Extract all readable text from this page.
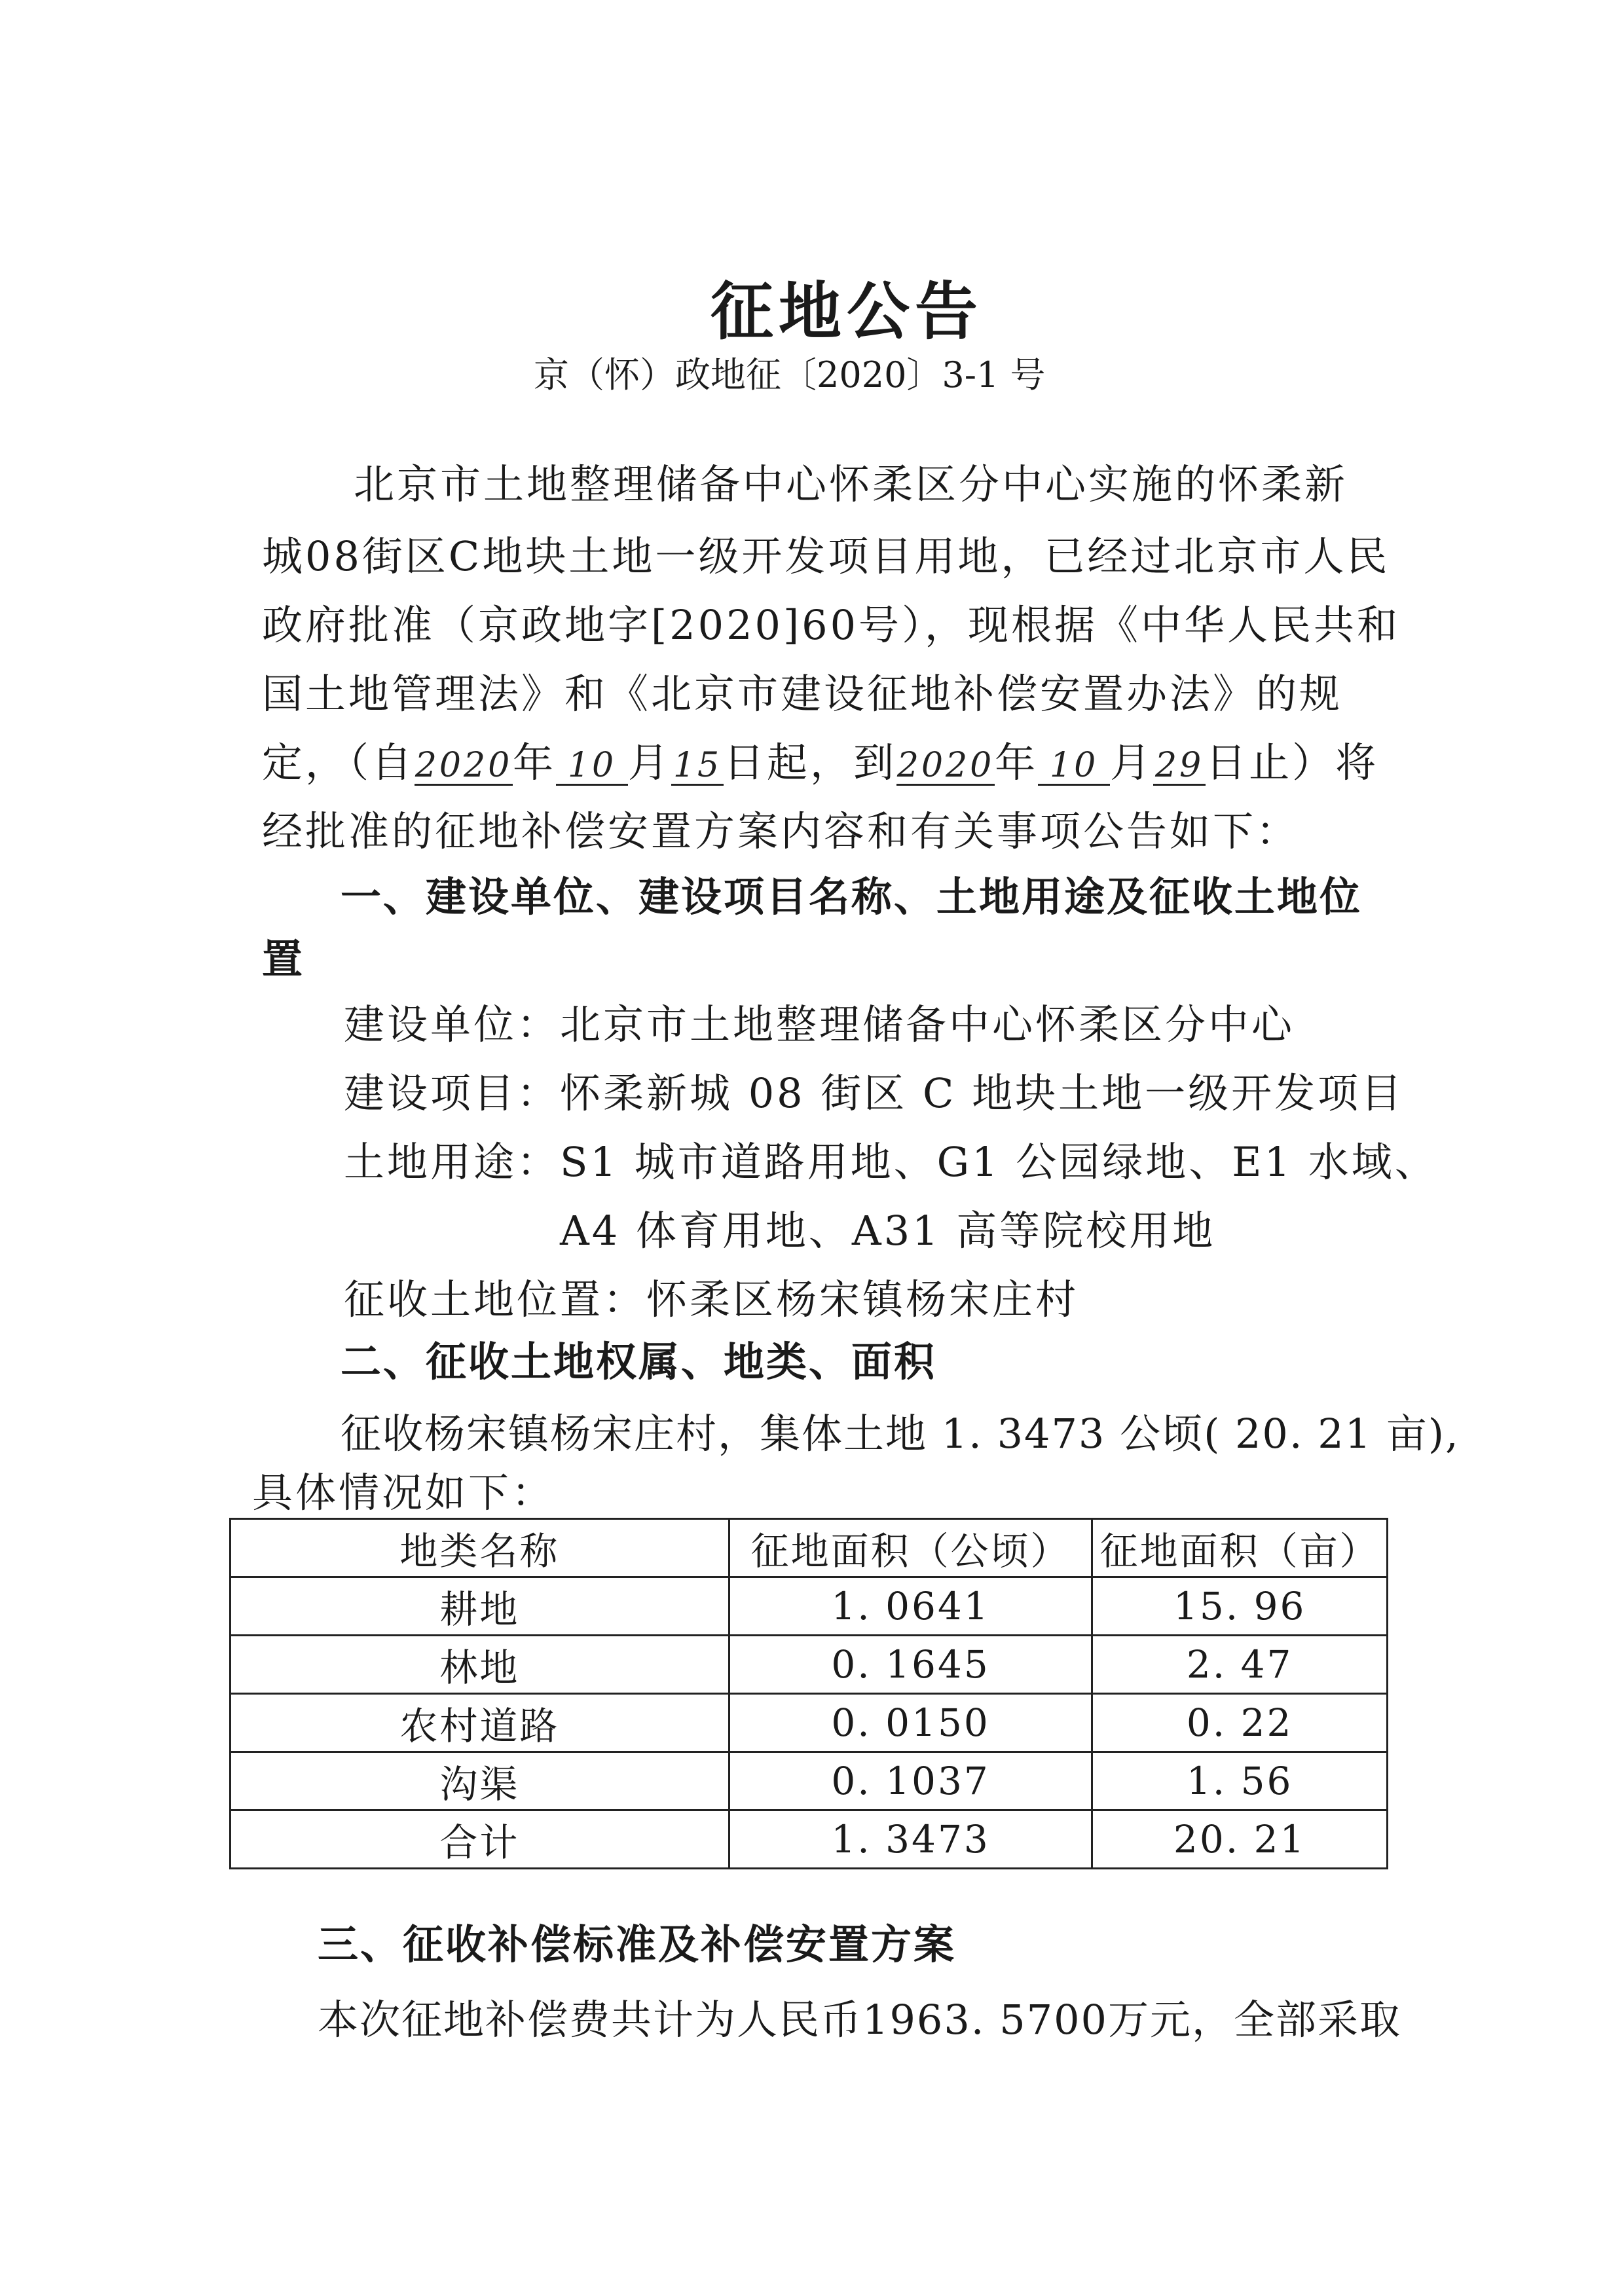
征地公告
京（怀）政地征〔2020〕3-1 号
北京市土地整理储备中心怀柔区分中心实施的怀柔新
城08街区C地块土地一级开发项目用地，已经过北京市人民
政府批准（京政地字[2020]60号），现根据《中华人民共和
国土地管理法》和《北京市建设征地补偿安置办法》的规
定，（自2020年 10 月15日起，到2020年 10 月29日止）将
经批准的征地补偿安置方案内容和有关事项公告如下：
一、建设单位、建设项目名称、土地用途及征收土地位
置
建设单位：北京市土地整理储备中心怀柔区分中心
建设项目：怀柔新城 08 街区 C 地块土地一级开发项目
土地用途：S1 城市道路用地、G1 公园绿地、E1 水域、
A4 体育用地、A31 高等院校用地
征收土地位置：怀柔区杨宋镇杨宋庄村
二、征收土地权属、地类、面积
征收杨宋镇杨宋庄村，集体土地 1. 3473 公顷( 20. 21 亩),
具体情况如下：
地类名称	征地面积（公顷）	征地面积（亩）
耕地	1. 0641	15. 96
林地	0. 1645	2. 47
农村道路	0. 0150	0. 22
沟渠	0. 1037	1. 56
合计	1. 3473	20. 21
三、征收补偿标准及补偿安置方案
本次征地补偿费共计为人民币1963. 5700万元，全部采取
